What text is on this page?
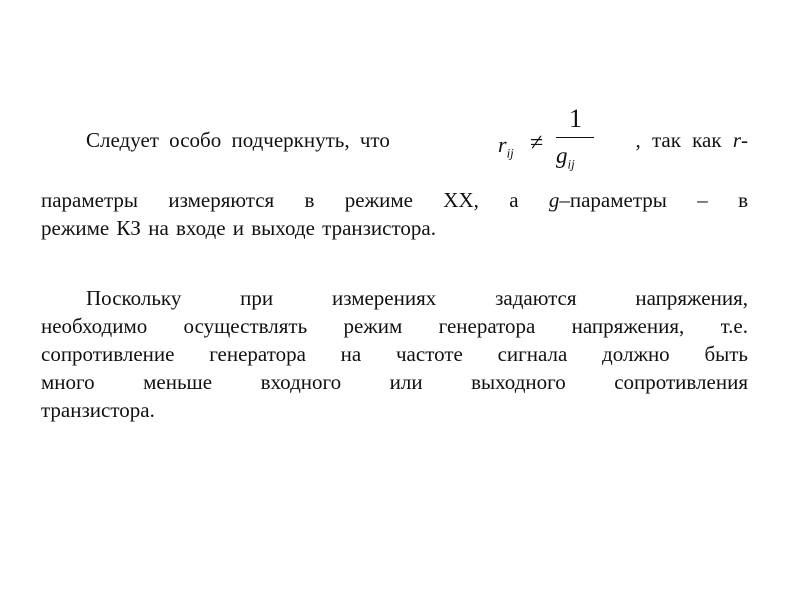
Следует особо подчеркнуть, что	, так как r-
$r_{ij}$ ≠
1
$g_{ij}$
параметры измеряются в режиме ХХ, а g–параметры – в
режиме КЗ на входе и выходе транзистора.
Поскольку при измерениях задаются напряжения,
необходимо осуществлять режим генератора напряжения, т.е.
сопротивление генератора на частоте сигнала должно быть
много меньше входного или выходного сопротивления
транзистора.
